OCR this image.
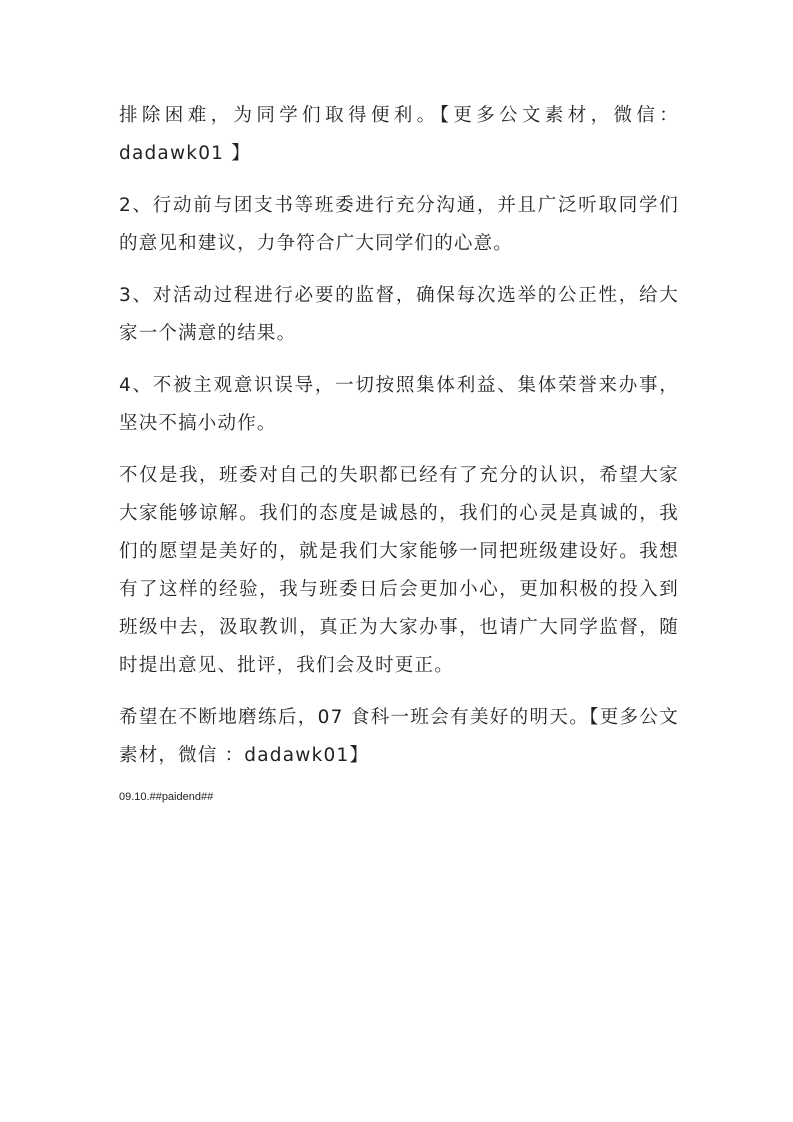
排除困难，为同学们取得便利。【更多公文素材，微信：dadawk01 】

2、行动前与团支书等班委进行充分沟通，并且广泛听取同学们的意见和建议，力争符合广大同学们的心意。

3、对活动过程进行必要的监督，确保每次选举的公正性，给大家一个满意的结果。

4、不被主观意识误导，一切按照集体利益、集体荣誉来办事，坚决不搞小动作。

不仅是我，班委对自己的失职都已经有了充分的认识，希望大家大家能够谅解。我们的态度是诚恳的，我们的心灵是真诚的，我们的愿望是美好的，就是我们大家能够一同把班级建设好。我想有了这样的经验，我与班委日后会更加小心，更加积极的投入到班级中去，汲取教训，真正为大家办事，也请广大同学监督，随时提出意见、批评，我们会及时更正。

希望在不断地磨练后，07 食科一班会有美好的明天。【更多公文素材，微信 ：dadawk01】

09.10.##paidend##
